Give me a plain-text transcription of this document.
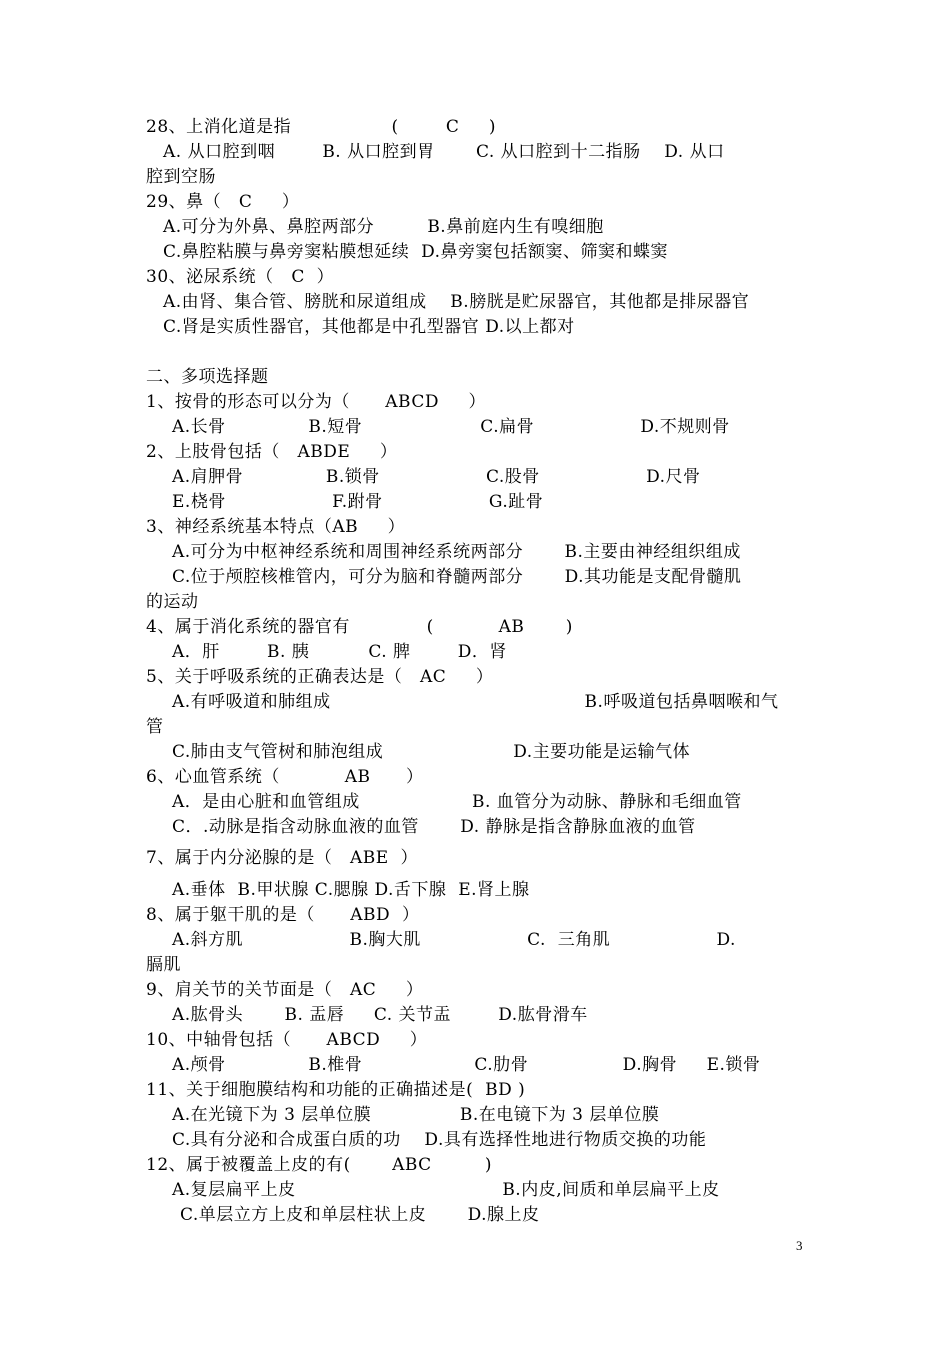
28、上消化道是指                 (        C     )
A. 从口腔到咽        B. 从口腔到胃       C. 从口腔到十二指肠    D. 从口
腔到空肠
29、鼻（   C     ）
A.可分为外鼻、鼻腔两部分         B.鼻前庭内生有嗅细胞
C.鼻腔粘膜与鼻旁窦粘膜想延续  D.鼻旁窦包括额窦、筛窦和蝶窦
30、泌尿系统（   C  ）
A.由肾、集合管、膀胱和尿道组成    B.膀胱是贮尿器官，其他都是排尿器官
C.肾是实质性器官，其他都是中孔型器官 D.以上都对
二、多项选择题
1、按骨的形态可以分为（      ABCD     ）
A.长骨              B.短骨                    C.扁骨                  D.不规则骨
2、上肢骨包括（   ABDE     ）
A.肩胛骨              B.锁骨                  C.股骨                  D.尺骨
E.桡骨                  F.跗骨                  G.趾骨
3、神经系统基本特点（AB     ）
A.可分为中枢神经系统和周围神经系统两部分       B.主要由神经组织组成
C.位于颅腔核椎管内，可分为脑和脊髓两部分       D.其功能是支配骨髓肌
的运动
4、属于消化系统的器官有             (           AB       )
A．肝        B. 胰          C. 脾        D．肾
5、关于呼吸系统的正确表达是（   AC     ）
A.有呼吸道和肺组成                                           B.呼吸道包括鼻咽喉和气
管
C.肺由支气管树和肺泡组成                      D.主要功能是运输气体
6、心血管系统（           AB      ）
A．是由心脏和血管组成                   B. 血管分为动脉、静脉和毛细血管
C．.动脉是指含动脉血液的血管       D. 静脉是指含静脉血液的血管
7、属于内分泌腺的是（   ABE  ）
A.垂体  B.甲状腺 C.腮腺 D.舌下腺  E.肾上腺
8、属于躯干肌的是（      ABD  ）
A.斜方肌                  B.胸大肌                  C.  三角肌                  D.
膈肌
9、肩关节的关节面是（   AC     ）
A.肱骨头       B. 盂唇     C. 关节盂        D.肱骨滑车
10、中轴骨包括（      ABCD     ）
A.颅骨              B.椎骨                   C.肋骨                D.胸骨     E.锁骨
11、关于细胞膜结构和功能的正确描述是(  BD )
A.在光镜下为 3 层单位膜               B.在电镜下为 3 层单位膜
C.具有分泌和合成蛋白质的功    D.具有选择性地进行物质交换的功能
12、属于被覆盖上皮的有(       ABC         )
A.复层扁平上皮                                   B.内皮,间质和单层扁平上皮
C.单层立方上皮和单层柱状上皮       D.腺上皮
3
